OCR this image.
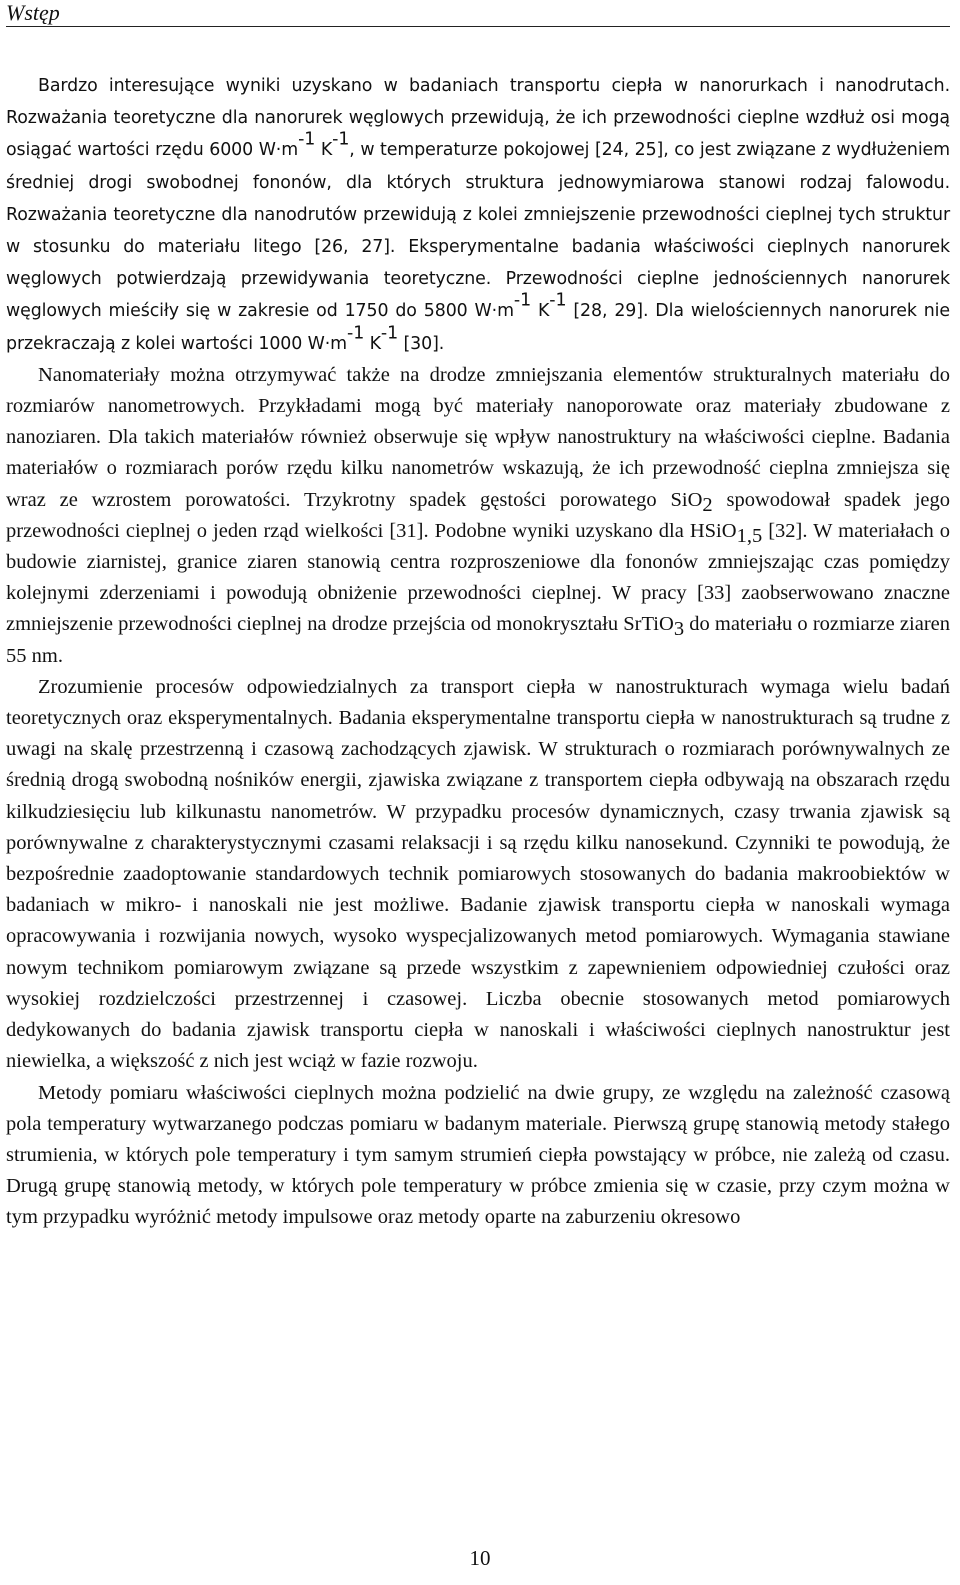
Wstęp

Bardzo interesujące wyniki uzyskano w badaniach transportu ciepła w nanorurkach i nanodrutach. Rozważania teoretyczne dla nanorurek węglowych przewidują, że ich przewodności cieplne wzdłuż osi mogą osiągać wartości rzędu 6000 $W\cdot m^{-1}$ $K^{-1}$, w temperaturze pokojowej [24, 25], co jest związane z wydłużeniem średniej drogi swobodnej fononów, dla których struktura jednowymiarowa stanowi rodzaj falowodu. Rozważania teoretyczne dla nanodrutów przewidują z kolei zmniejszenie przewodności cieplnej tych struktur w stosunku do materiału litego [26, 27]. Eksperymentalne badania właściwości cieplnych nanorurek węglowych potwierdzają przewidywania teoretyczne. Przewodności cieplne jednościennych nanorurek węglowych mieściły się w zakresie od 1750 do 5800 $W\cdot m^{-1}$ $K^{-1}$ [28, 29]. Dla wielościennych nanorurek nie przekraczają z kolei wartości 1000 $W\cdot m^{-1}$ $K^{-1}$ [30].

Nanomateriały można otrzymywać także na drodze zmniejszania elementów strukturalnych materiału do rozmiarów nanometrowych. Przykładami mogą być materiały nanoporowate oraz materiały zbudowane z nanoziaren. Dla takich materiałów również obserwuje się wpływ nanostruktury na właściwości cieplne. Badania materiałów o rozmiarach porów rzędu kilku nanometrów wskazują, że ich przewodność cieplna zmniejsza się wraz ze wzrostem porowatości. Trzykrotny spadek gęstości porowatego SiO$_2$ spowodował spadek jego przewodności cieplnej o jeden rząd wielkości [31]. Podobne wyniki uzyskano dla HSiO$_{1,5}$ [32]. W materiałach o budowie ziarnistej, granice ziaren stanowią centra rozproszeniowe dla fononów zmniejszając czas pomiędzy kolejnymi zderzeniami i powodują obniżenie przewodności cieplnej. W pracy [33] zaobserwowano znaczne zmniejszenie przewodności cieplnej na drodze przejścia od monokryształu SrTiO$_3$ do materiału o rozmiarze ziaren 55 nm.

Zrozumienie procesów odpowiedzialnych za transport ciepła w nanostrukturach wymaga wielu badań teoretycznych oraz eksperymentalnych. Badania eksperymentalne transportu ciepła w nanostrukturach są trudne z uwagi na skalę przestrzenną i czasową zachodzących zjawisk. W strukturach o rozmiarach porównywalnych ze średnią drogą swobodną nośników energii, zjawiska związane z transportem ciepła odbywają na obszarach rzędu kilkudziesięciu lub kilkunastu nanometrów. W przypadku procesów dynamicznych, czasy trwania zjawisk są porównywalne z charakterystycznymi czasami relaksacji i są rzędu kilku nanosekund. Czynniki te powodują, że bezpośrednie zaadoptowanie standardowych technik pomiarowych stosowanych do badania makroobiektów w badaniach w mikro- i nanoskali nie jest możliwe. Badanie zjawisk transportu ciepła w nanoskali wymaga opracowywania i rozwijania nowych, wysoko wyspecjalizowanych metod pomiarowych. Wymagania stawiane nowym technikom pomiarowym związane są przede wszystkim z zapewnieniem odpowiedniej czułości oraz wysokiej rozdzielczości przestrzennej i czasowej. Liczba obecnie stosowanych metod pomiarowych dedykowanych do badania zjawisk transportu ciepła w nanoskali i właściwości cieplnych nanostruktur jest niewielka, a większość z nich jest wciąż w fazie rozwoju.

Metody pomiaru właściwości cieplnych można podzielić na dwie grupy, ze względu na zależność czasową pola temperatury wytwarzanego podczas pomiaru w badanym materiale. Pierwszą grupę stanowią metody stałego strumienia, w których pole temperatury i tym samym strumień ciepła powstający w próbce, nie zależą od czasu. Drugą grupę stanowią metody, w których pole temperatury w próbce zmienia się w czasie, przy czym można w tym przypadku wyróżnić metody impulsowe oraz metody oparte na zaburzeniu okresowo

10
